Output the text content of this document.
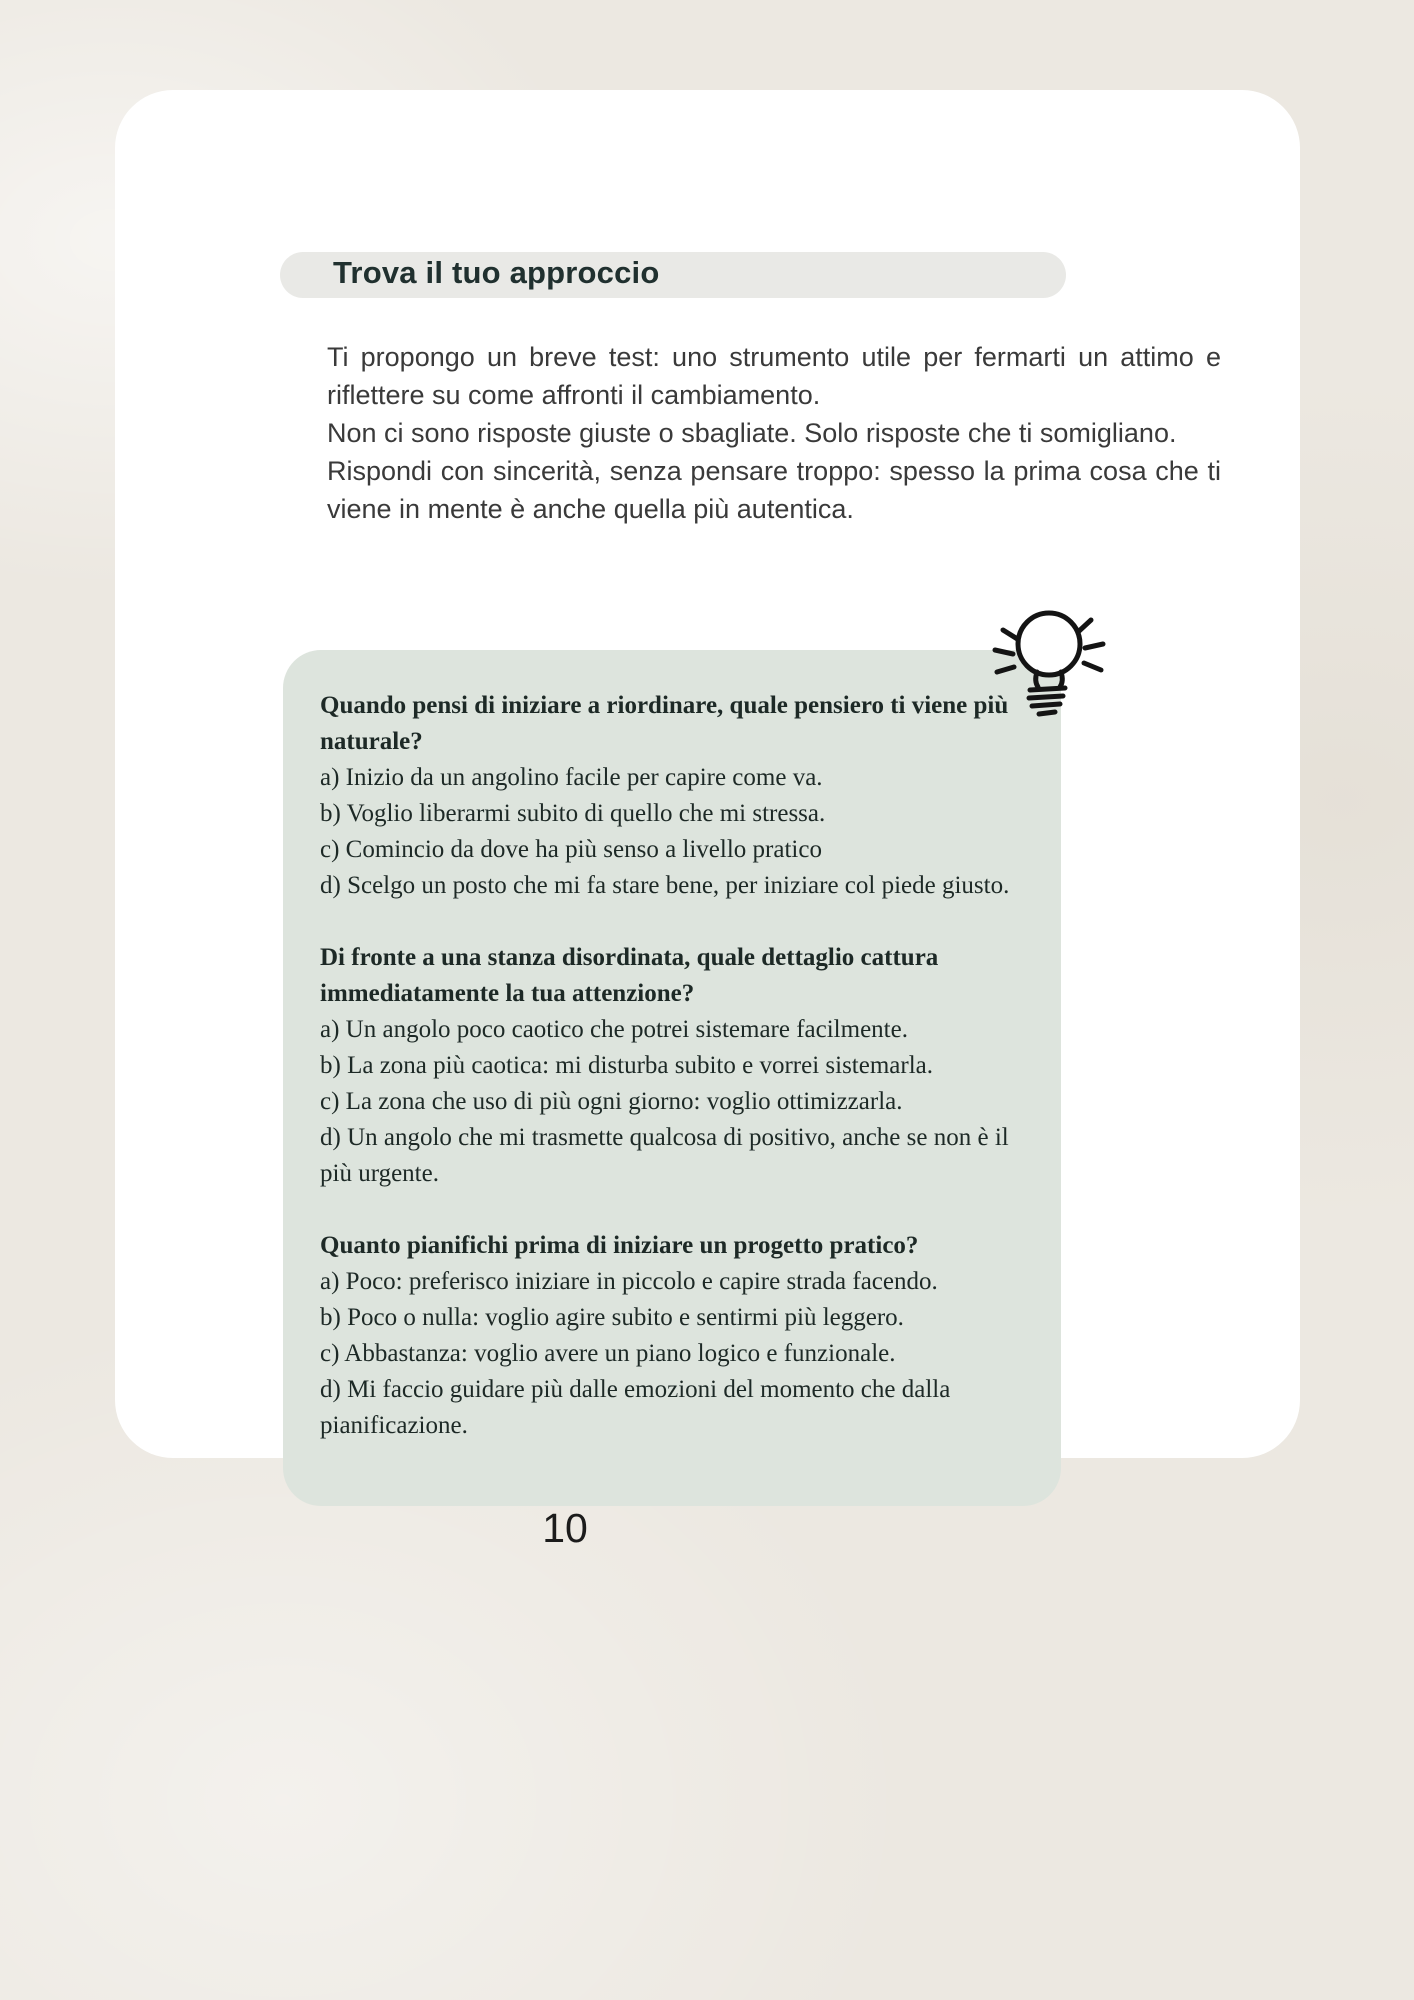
Trova il tuo approccio

Ti propongo un breve test: uno strumento utile per fermarti un attimo e riflettere su come affronti il cambiamento.

Non ci sono risposte giuste o sbagliate. Solo risposte che ti somigliano.

Rispondi con sincerità, senza pensare troppo: spesso la prima cosa che ti viene in mente è anche quella più autentica.

Quando pensi di iniziare a riordinare, quale pensiero ti viene più naturale?

a) Inizio da un angolino facile per capire come va.

b) Voglio liberarmi subito di quello che mi stressa.

c) Comincio da dove ha più senso a livello pratico

d) Scelgo un posto che mi fa stare bene, per iniziare col piede giusto.

Di fronte a una stanza disordinata, quale dettaglio cattura immediatamente la tua attenzione?

a) Un angolo poco caotico che potrei sistemare facilmente.

b) La zona più caotica: mi disturba subito e vorrei sistemarla.

c) La zona che uso di più ogni giorno: voglio ottimizzarla.

d) Un angolo che mi trasmette qualcosa di positivo, anche se non è il più urgente.

Quanto pianifichi prima di iniziare un progetto pratico?

a) Poco: preferisco iniziare in piccolo e capire strada facendo.

b) Poco o nulla: voglio agire subito e sentirmi più leggero.

c) Abbastanza: voglio avere un piano logico e funzionale.

d) Mi faccio guidare più dalle emozioni del momento che dalla pianificazione.

10
